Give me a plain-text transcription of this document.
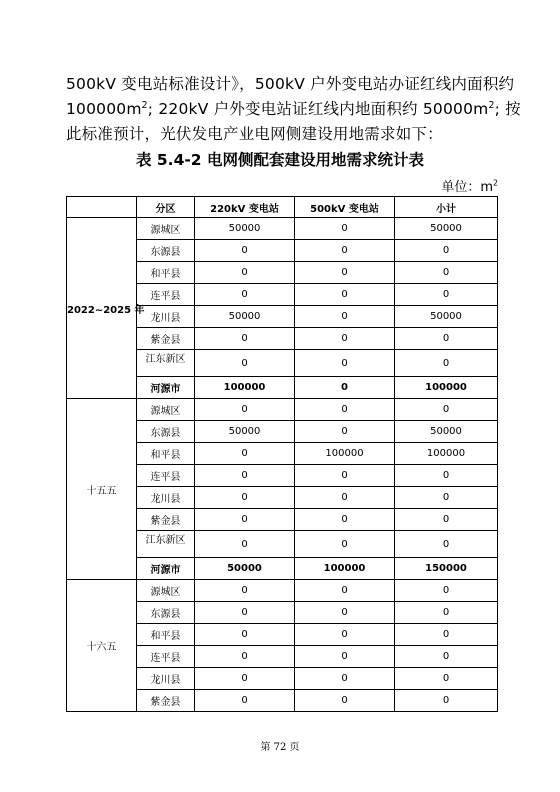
500kV 变电站标准设计》，500kV 户外变电站办证红线内面积约

$100000m^2$; 220kV 户外变电站证红线内地面积约 $50000m^2$; 按

此标准预计，光伏发电产业电网侧建设用地需求如下：

表 5.4-2 电网侧配套建设用地需求统计表
单位：$m^2$
	分区	220kV 变电站	500kV 变电站	小计
2022~2025 年	源城区	50000	0	50000
	东源县	0	0	0
	和平县	0	0	0
	连平县	0	0	0
	龙川县	50000	0	50000
	紫金县	0	0	0

	江东新区	0	0	0
	河源市	100000	0	100000
十五五	源城区	0	0	0
	东源县	50000	0	50000
	和平县	0	100000	100000
	连平县	0	0	0
	龙川县	0	0	0
	紫金县	0	0	0

	江东新区	0	0	0
	河源市	50000	100000	150000
十六五	源城区	0	0	0
	东源县	0	0	0
	和平县	0	0	0
	连平县	0	0	0
	龙川县	0	0	0
	紫金县	0	0	0
第 72 页
